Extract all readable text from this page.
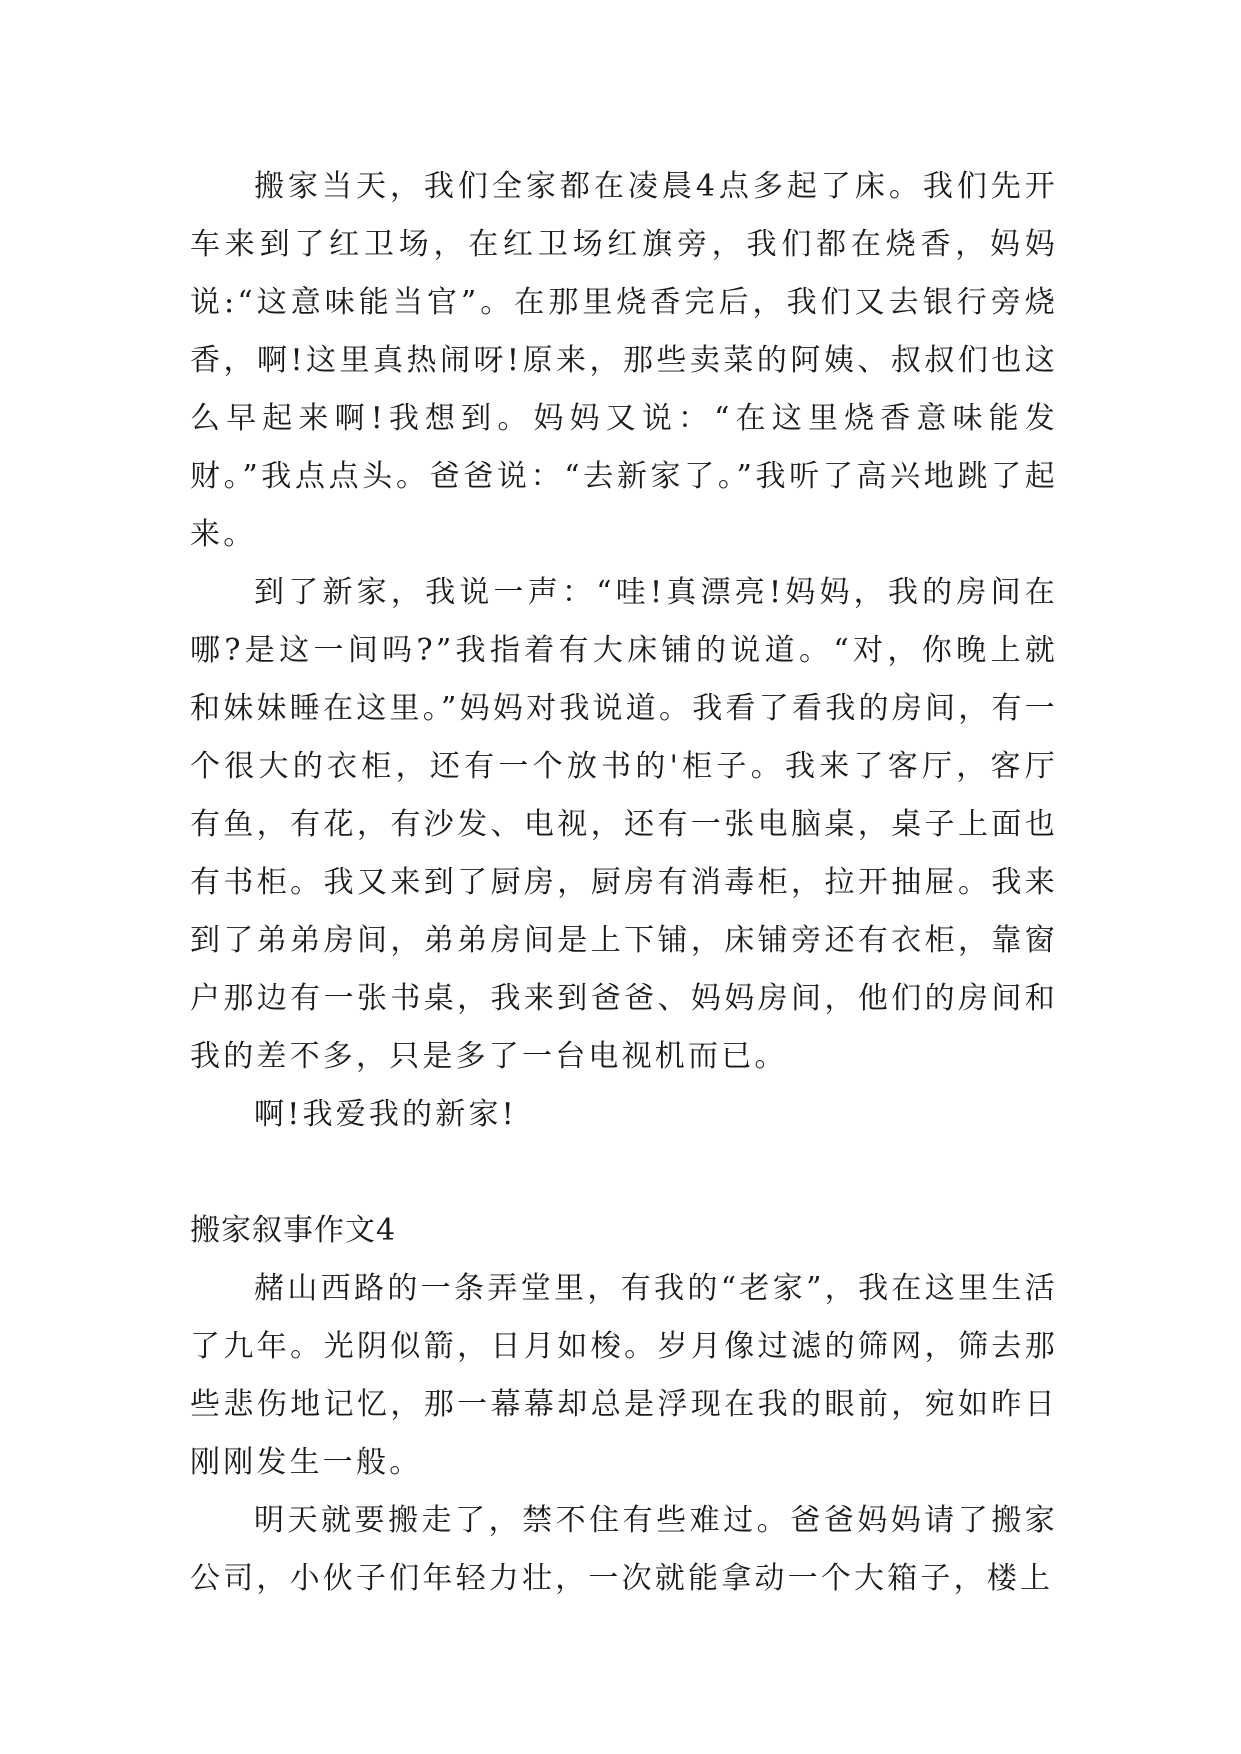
搬家当天，我们全家都在凌晨4点多起了床。我们先开车来到了红卫场，在红卫场红旗旁，我们都在烧香，妈妈说:“这意味能当官”。在那里烧香完后，我们又去银行旁烧香，啊!这里真热闹呀!原来，那些卖菜的阿姨、叔叔们也这么早起来啊!我想到。妈妈又说：“在这里烧香意味能发财。”我点点头。爸爸说：“去新家了。”我听了高兴地跳了起来。

到了新家，我说一声：“哇!真漂亮!妈妈，我的房间在哪?是这一间吗?”我指着有大床铺的说道。“对，你晚上就和妹妹睡在这里。”妈妈对我说道。我看了看我的房间，有一个很大的衣柜，还有一个放书的'柜子。我来了客厅，客厅有鱼，有花，有沙发、电视，还有一张电脑桌，桌子上面也有书柜。我又来到了厨房，厨房有消毒柜，拉开抽屉。我来到了弟弟房间，弟弟房间是上下铺，床铺旁还有衣柜，靠窗户那边有一张书桌，我来到爸爸、妈妈房间，他们的房间和我的差不多，只是多了一台电视机而已。

啊!我爱我的新家!

搬家叙事作文4

赭山西路的一条弄堂里，有我的“老家”，我在这里生活了九年。光阴似箭，日月如梭。岁月像过滤的筛网，筛去那些悲伤地记忆，那一幕幕却总是浮现在我的眼前，宛如昨日刚刚发生一般。

明天就要搬走了，禁不住有些难过。爸爸妈妈请了搬家公司，小伙子们年轻力壮，一次就能拿动一个大箱子，楼上
